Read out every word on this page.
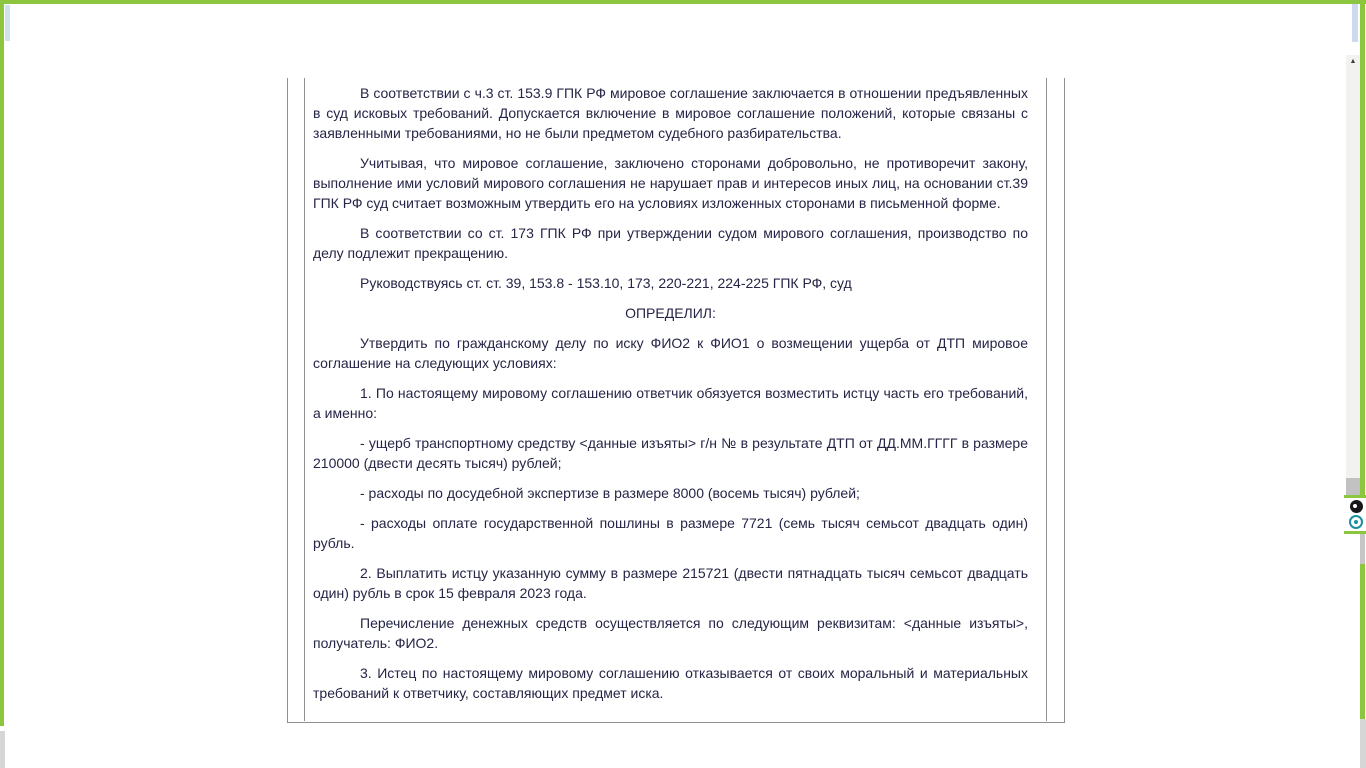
В соответствии с ч.3 ст. 153.9 ГПК РФ мировое соглашение заключается в отношении предъявленных в суд исковых требований. Допускается включение в мировое соглашение положений, которые связаны с заявленными требованиями, но не были предметом судебного разбирательства.

Учитывая, что мировое соглашение, заключено сторонами добровольно, не противоречит закону, выполнение ими условий мирового соглашения не нарушает прав и интересов иных лиц, на основании ст.39 ГПК РФ суд считает возможным утвердить его на условиях изложенных сторонами в письменной форме.

В соответствии со ст. 173 ГПК РФ при утверждении судом мирового соглашения, производство по делу подлежит прекращению.

Руководствуясь ст. ст. 39, 153.8 - 153.10, 173, 220-221, 224-225 ГПК РФ, суд

ОПРЕДЕЛИЛ:

Утвердить по гражданскому делу по иску ФИО2 к ФИО1 о возмещении ущерба от ДТП мировое соглашение на следующих условиях:

1. По настоящему мировому соглашению ответчик обязуется возместить истцу часть его требований, а именно:

- ущерб транспортному средству <данные изъяты> г/н № в результате ДТП от ДД.ММ.ГГГГ в размере 210000 (двести десять тысяч) рублей;

- расходы по досудебной экспертизе в размере 8000 (восемь тысяч) рублей;

- расходы оплате государственной пошлины в размере 7721 (семь тысяч семьсот двадцать один) рубль.

2. Выплатить истцу указанную сумму в размере 215721 (двести пятнадцать тысяч семьсот двадцать один) рубль в срок 15 февраля 2023 года.

Перечисление денежных средств осуществляется по следующим реквизитам: <данные изъяты>, получатель: ФИО2.

3. Истец по настоящему мировому соглашению отказывается от своих моральный и материальных требований к ответчику, составляющих предмет иска.

▲
